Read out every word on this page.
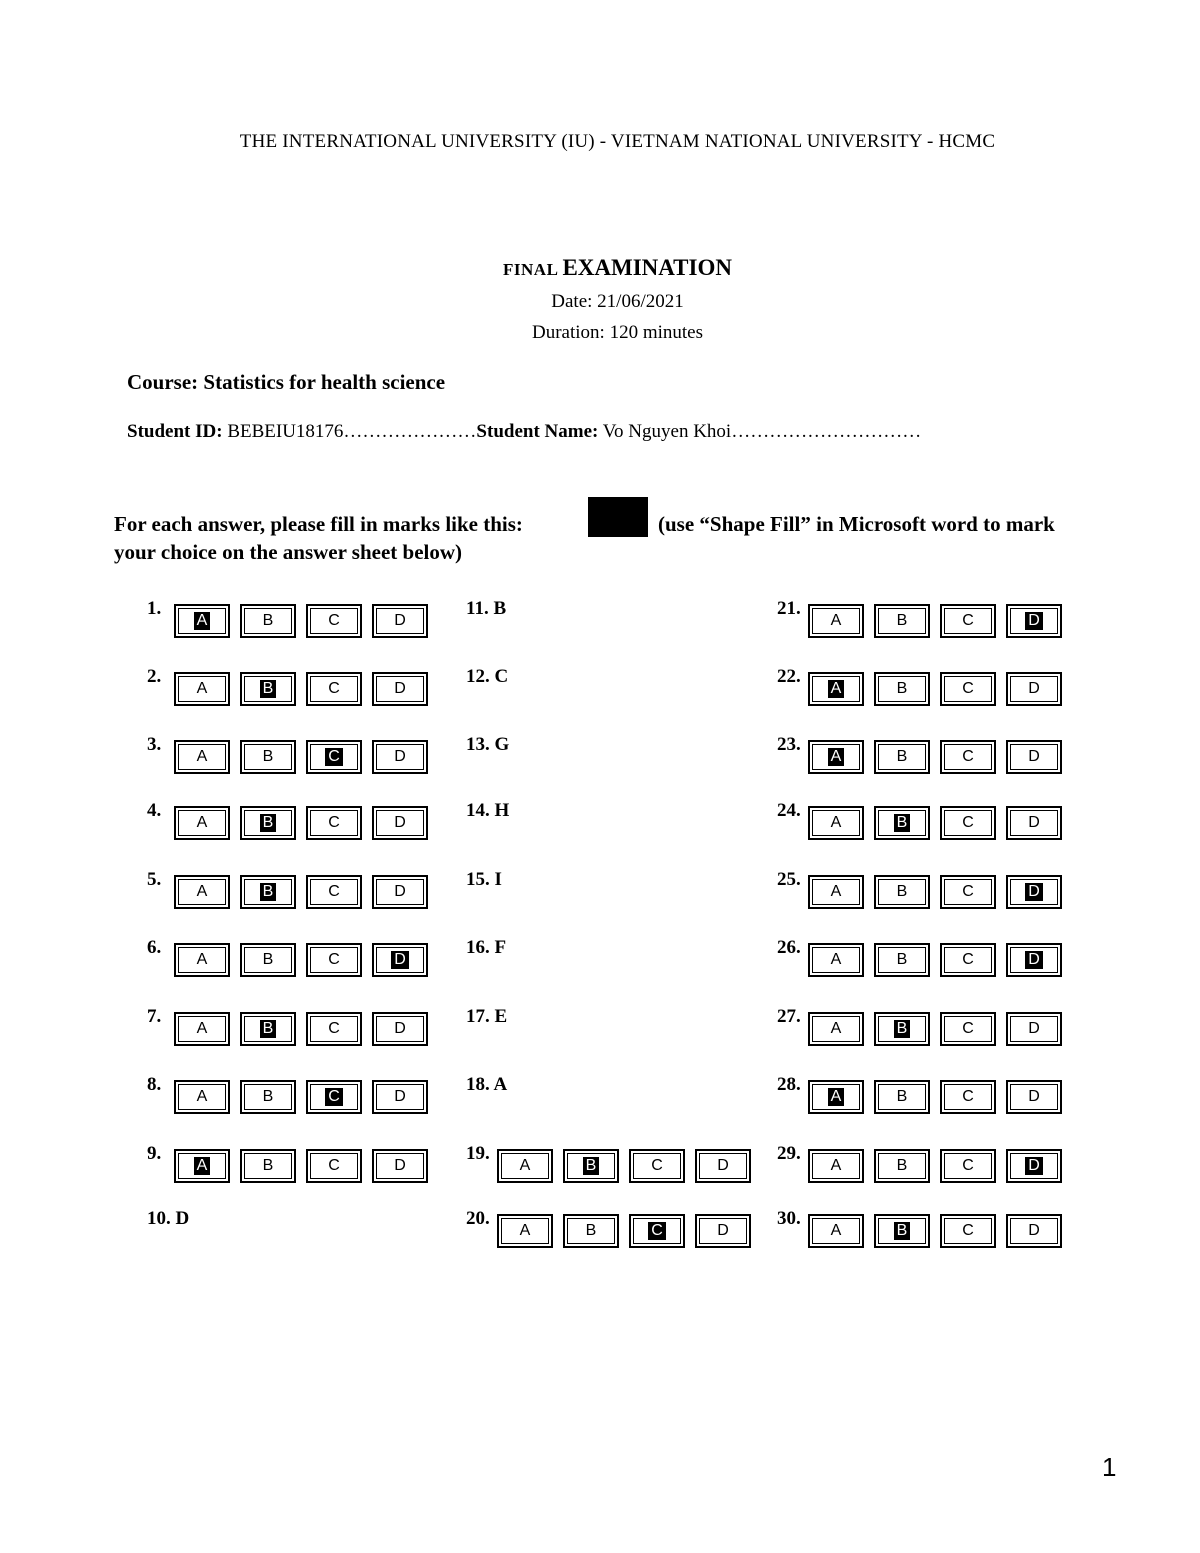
THE INTERNATIONAL UNIVERSITY (IU) - VIETNAM NATIONAL UNIVERSITY - HCMC
FINAL EXAMINATION
Date: 21/06/2021
Duration: 120 minutes
Course: Statistics for health science
Student ID: BEBEIU18176…………………Student Name: Vo Nguyen Khoi…………………………
For each answer, please fill in marks like this:	(use “Shape Fill” in Microsoft word to mark
your choice on the answer sheet below)
1.
A	B	C	D
2.
A	B	C	D
3.
A	B	C	D
4.
A	B	C	D
5.
A	B	C	D
6.
A	B	C	D
7.
A	B	C	D
8.
A	B	C	D
9.
A	B	C	D
10. D
11. B
12. C
13. G
14. H
15. I
16. F
17. E
18. A
19.
A	B	C	D
20.
A	B	C	D
21.
A	B	C	D
22.
A	B	C	D
23.
A	B	C	D
24.
A	B	C	D
25.
A	B	C	D
26.
A	B	C	D
27.
A	B	C	D
28.
A	B	C	D
29.
A	B	C	D
30.
A	B	C	D
1
